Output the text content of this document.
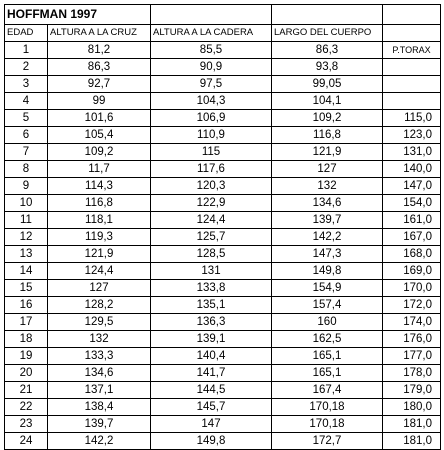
HOFFMAN 1997				
EDAD	ALTURA A LA CRUZ	ALTURA A LA CADERA	LARGO DEL CUERPO	
1	81,2	85,5	86,3	P.TORAX
2	86,3	90,9	93,8	
3	92,7	97,5	99,05	
4	99	104,3	104,1	
5	101,6	106,9	109,2	115,0
6	105,4	110,9	116,8	123,0
7	109,2	115	121,9	131,0
8	11,7	117,6	127	140,0
9	114,3	120,3	132	147,0
10	116,8	122,9	134,6	154,0
11	118,1	124,4	139,7	161,0
12	119,3	125,7	142,2	167,0
13	121,9	128,5	147,3	168,0
14	124,4	131	149,8	169,0
15	127	133,8	154,9	170,0
16	128,2	135,1	157,4	172,0
17	129,5	136,3	160	174,0
18	132	139,1	162,5	176,0
19	133,3	140,4	165,1	177,0
20	134,6	141,7	165,1	178,0
21	137,1	144,5	167,4	179,0
22	138,4	145,7	170,18	180,0
23	139,7	147	170,18	181,0
24	142,2	149,8	172,7	181,0
